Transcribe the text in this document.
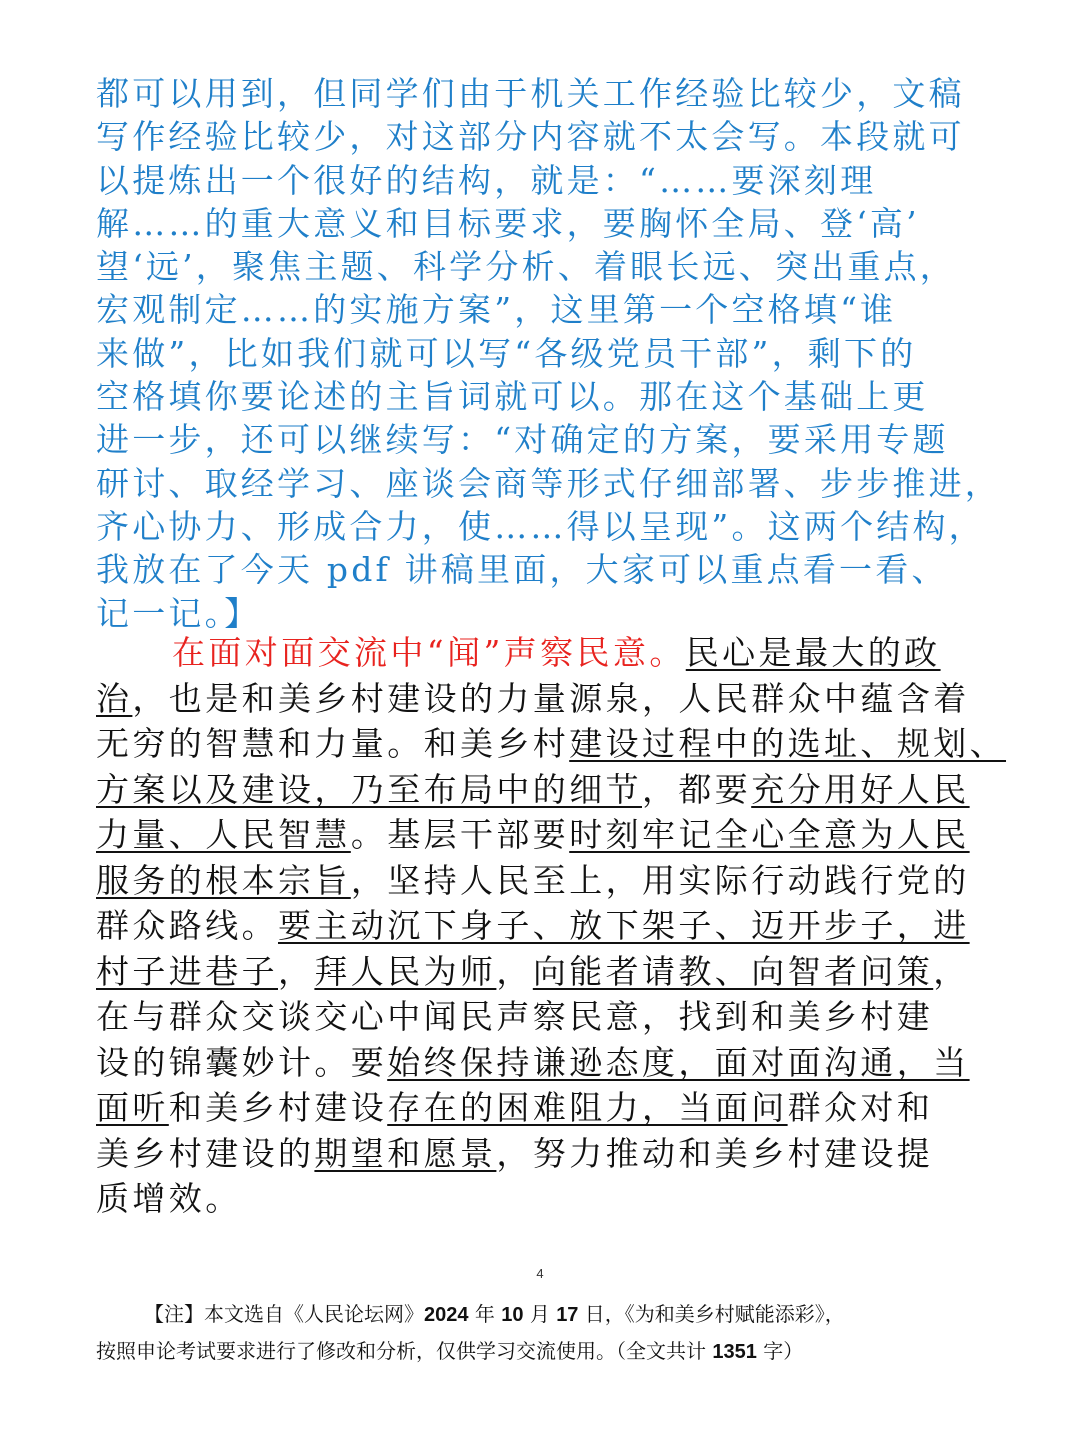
都可以用到，但同学们由于机关工作经验比较少，文稿
写作经验比较少，对这部分内容就不太会写。本段就可
以提炼出一个很好的结构，就是：“……要深刻理
解……的重大意义和目标要求，要胸怀全局、登‘高’
望‘远’，聚焦主题、科学分析、着眼长远、突出重点，
宏观制定……的实施方案”，这里第一个空格填“谁
来做”，比如我们就可以写“各级党员干部”，剩下的
空格填你要论述的主旨词就可以。那在这个基础上更
进一步，还可以继续写：“对确定的方案，要采用专题
研讨、取经学习、座谈会商等形式仔细部署、步步推进，
齐心协力、形成合力，使……得以呈现”。这两个结构，
我放在了今天 pdf 讲稿里面，大家可以重点看一看、
记一记。】
在面对面交流中“闻”声察民意。民心是最大的政
治，也是和美乡村建设的力量源泉，人民群众中蕴含着
无穷的智慧和力量。和美乡村建设过程中的选址、规划、
方案以及建设，乃至布局中的细节，都要充分用好人民
力量、人民智慧。基层干部要时刻牢记全心全意为人民
服务的根本宗旨，坚持人民至上，用实际行动践行党的
群众路线。要主动沉下身子、放下架子、迈开步子，进
村子进巷子，拜人民为师，向能者请教、向智者问策，
在与群众交谈交心中闻民声察民意，找到和美乡村建
设的锦囊妙计。要始终保持谦逊态度，面对面沟通，当
面听和美乡村建设存在的困难阻力，当面问群众对和
美乡村建设的期望和愿景，努力推动和美乡村建设提
质增效。
4
【注】本文选自《人民论坛网》2024 年 10 月 17 日，《为和美乡村赋能添彩》，
按照申论考试要求进行了修改和分析，仅供学习交流使用。（全文共计 1351 字）
